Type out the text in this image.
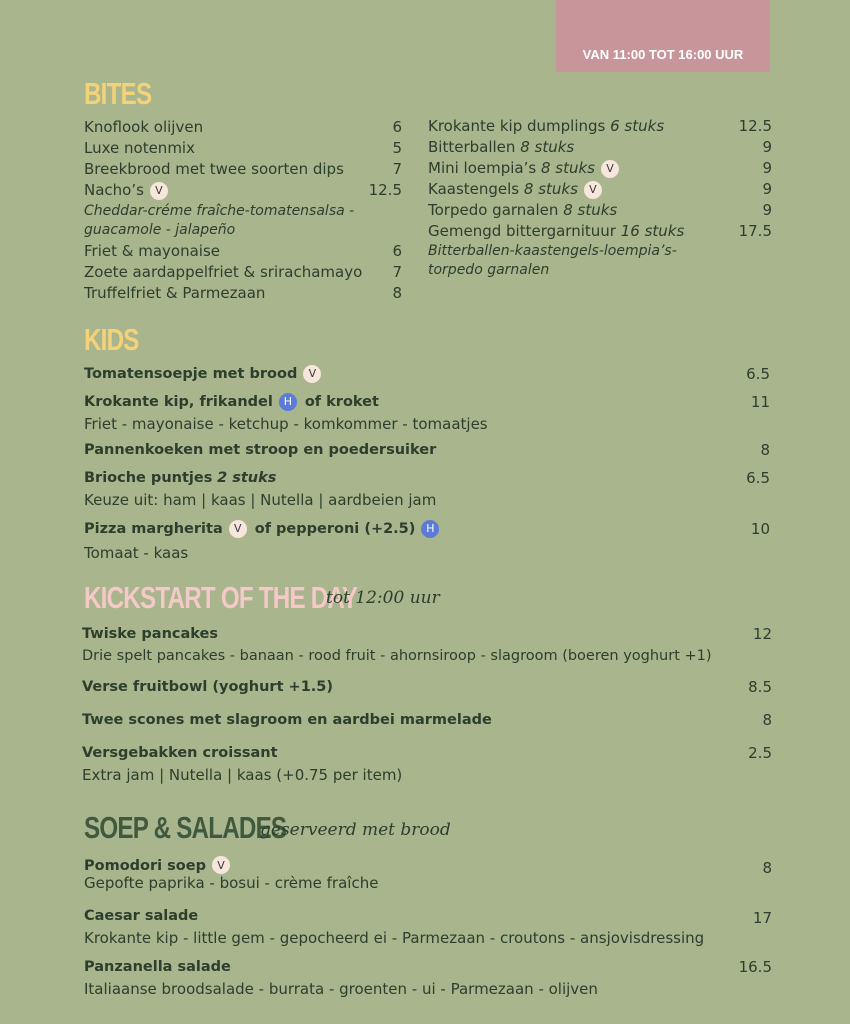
VAN 11:00 TOT 16:00 UUR
BITES
Knoflook olijven	6
Luxe notenmix	5
Breekbrood met twee soorten dips	7
Nacho’s V	12.5
Cheddar-créme fraîche-tomatensalsa - guacamole - jalapeño
Friet & mayonaise	6
Zoete aardappelfriet & srirachamayo 7
Truffelfriet & Parmezaan	8
Krokante kip dumplings 6 stuks	12.5
Bitterballen 8 stuks	9
Mini loempia’s 8 stuks V	9
Kaastengels 8 stuks V	9
Torpedo garnalen 8 stuks	9
Gemengd bittergarnituur 16 stuks	17.5
Bitterballen-kaastengels-loempia’s-torpedo garnalen
KIDS
Tomatensoepje met brood V	6.5
Krokante kip, frikandel H of kroket	11
Friet - mayonaise - ketchup - komkommer - tomaatjes
Pannenkoeken met stroop en poedersuiker	8
Brioche puntjes 2 stuks	6.5
Keuze uit: ham | kaas | Nutella | aardbeien jam
Pizza margherita V of pepperoni (+2.5) H	10
Tomaat - kaas
KICKSTART OF THE DAY
tot 12:00 uur
Twiske pancakes	12
Drie spelt pancakes - banaan - rood fruit - ahornsiroop - slagroom (boeren yoghurt +1)
Verse fruitbowl (yoghurt +1.5)	8.5
Twee scones met slagroom en aardbei marmelade	8
Versgebakken croissant	2.5
Extra jam | Nutella | kaas (+0.75 per item)
SOEP & SALADES
geserveerd met brood
Pomodori soep V	8
Gepofte paprika - bosui - crème fraîche
Caesar salade	17
Krokante kip - little gem - gepocheerd ei - Parmezaan - croutons - ansjovisdressing
Panzanella salade	16.5
Italiaanse broodsalade - burrata - groenten - ui - Parmezaan - olijven
